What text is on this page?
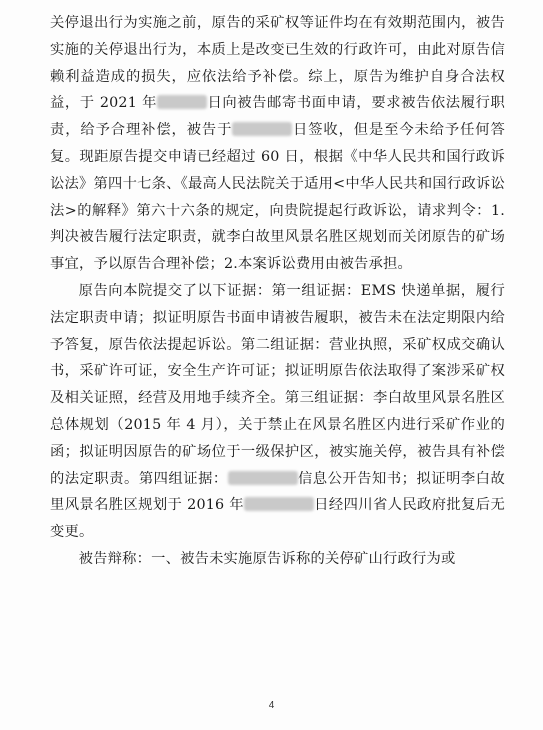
关停退出行为实施之前，原告的采矿权等证件均在有效期范围内，被告实施的关停退出行为，本质上是改变已生效的行政许可，由此对原告信赖利益造成的损失，应依法给予补偿。综上，原告为维护自身合法权益，于 2021 年	日向被告邮寄书面申请，要求被告依法履行职责，给予合理补偿，被告于	日签收，但是至今未给予任何答复。现距原告提交申请已经超过 60 日，根据《中华人民共和国行政诉讼法》第四十七条、《最高人民法院关于适用<中华人民共和国行政诉讼法>的解释》第六十六条的规定，向贵院提起行政诉讼，请求判令：1.判决被告履行法定职责，就李白故里风景名胜区规划而关闭原告的矿场事宜，予以原告合理补偿；2.本案诉讼费用由被告承担。

原告向本院提交了以下证据：第一组证据：EMS 快递单据，履行法定职责申请；拟证明原告书面申请被告履职，被告未在法定期限内给予答复，原告依法提起诉讼。第二组证据：营业执照，采矿权成交确认书，采矿许可证，安全生产许可证；拟证明原告依法取得了案涉采矿权及相关证照，经营及用地手续齐全。第三组证据：李白故里风景名胜区总体规划（2015 年 4 月），关于禁止在风景名胜区内进行采矿作业的函；拟证明因原告的矿场位于一级保护区，被实施关停，被告具有补偿的法定职责。第四组证据：	信息公开告知书；拟证明李白故里风景名胜区规划于 2016 年	日经四川省人民政府批复后无变更。

被告辩称：一、被告未实施原告诉称的关停矿山行政行为或

4
